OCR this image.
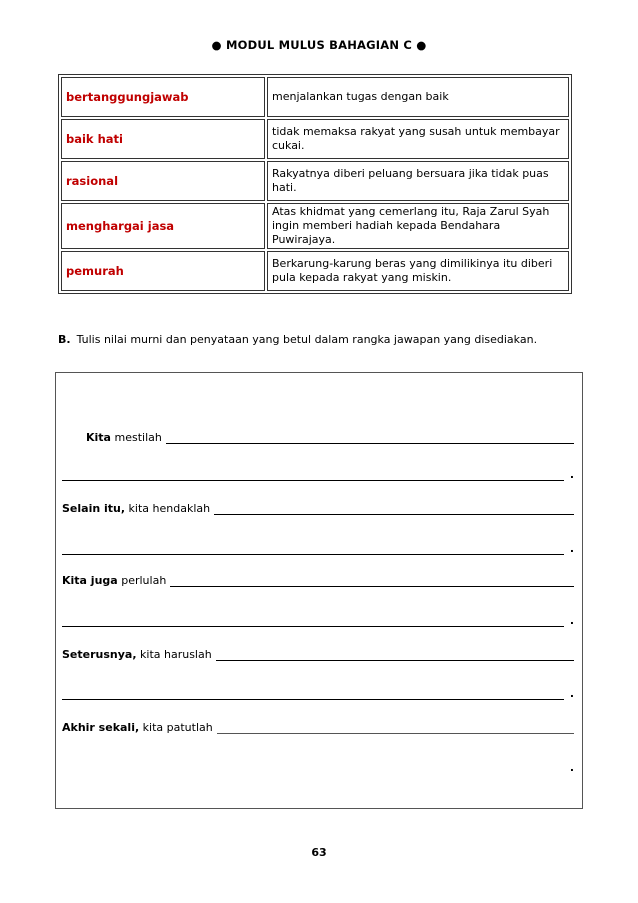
● MODUL MULUS BAHAGIAN C ●
bertanggungjawab	menjalankan tugas dengan baik
baik hati	tidak memaksa rakyat yang susah untuk membayar cukai.
rasional	Rakyatnya diberi peluang bersuara jika tidak puas hati.
menghargai jasa	Atas khidmat yang cemerlang itu, Raja Zarul Syah ingin memberi hadiah kepada Bendahara Puwirajaya.
pemurah	Berkarung-karung beras yang dimilikinya itu diberi pula kepada rakyat yang miskin.
B. Tulis nilai murni dan penyataan yang betul dalam rangka jawapan yang disediakan.
Kita mestilah
.
Selain itu, kita hendaklah
.
Kita juga perlulah
.
Seterusnya, kita haruslah
.
Akhir sekali, kita patutlah
.
63
